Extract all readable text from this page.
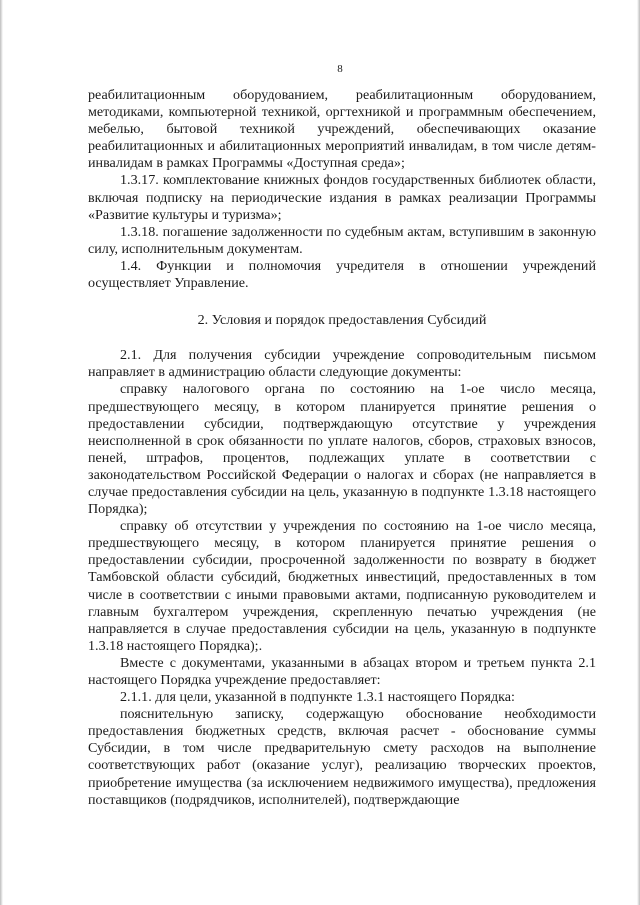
8

реабилитационным оборудованием, реабилитационным оборудованием, методиками, компьютерной техникой, оргтехникой и программным обеспечением, мебелью, бытовой техникой учреждений, обеспечивающих оказание реабилитационных и абилитационных мероприятий инвалидам, в том числе детям-инвалидам в рамках Программы «Доступная среда»;

1.3.17. комплектование книжных фондов государственных библиотек области, включая подписку на периодические издания в рамках реализации Программы «Развитие культуры и туризма»;

1.3.18. погашение задолженности по судебным актам, вступившим в законную силу, исполнительным документам.

1.4. Функции и полномочия учредителя в отношении учреждений осуществляет Управление.

2. Условия и порядок предоставления Субсидий

2.1. Для получения субсидии учреждение сопроводительным письмом направляет в администрацию области следующие документы:

справку налогового органа по состоянию на 1-ое число месяца, предшествующего месяцу, в котором планируется принятие решения о предоставлении субсидии, подтверждающую отсутствие у учреждения неисполненной в срок обязанности по уплате налогов, сборов, страховых взносов, пеней, штрафов, процентов, подлежащих уплате в соответствии с законодательством Российской Федерации о налогах и сборах (не направляется в случае предоставления субсидии на цель, указанную в подпункте 1.3.18 настоящего Порядка);

справку об отсутствии у учреждения по состоянию на 1-ое число месяца, предшествующего месяцу, в котором планируется принятие решения о предоставлении субсидии, просроченной задолженности по возврату в бюджет Тамбовской области субсидий, бюджетных инвестиций, предоставленных в том числе в соответствии с иными правовыми актами, подписанную руководителем и главным бухгалтером учреждения, скрепленную печатью учреждения (не направляется в случае предоставления субсидии на цель, указанную в подпункте 1.3.18 настоящего Порядка);.

Вместе с документами, указанными в абзацах втором и третьем пункта 2.1 настоящего Порядка учреждение предоставляет:

2.1.1. для цели, указанной в подпункте 1.3.1 настоящего Порядка:

пояснительную записку, содержащую обоснование необходимости предоставления бюджетных средств, включая расчет - обоснование суммы Субсидии, в том числе предварительную смету расходов на выполнение соответствующих работ (оказание услуг), реализацию творческих проектов, приобретение имущества (за исключением недвижимого имущества), предложения поставщиков (подрядчиков, исполнителей), подтверждающие
